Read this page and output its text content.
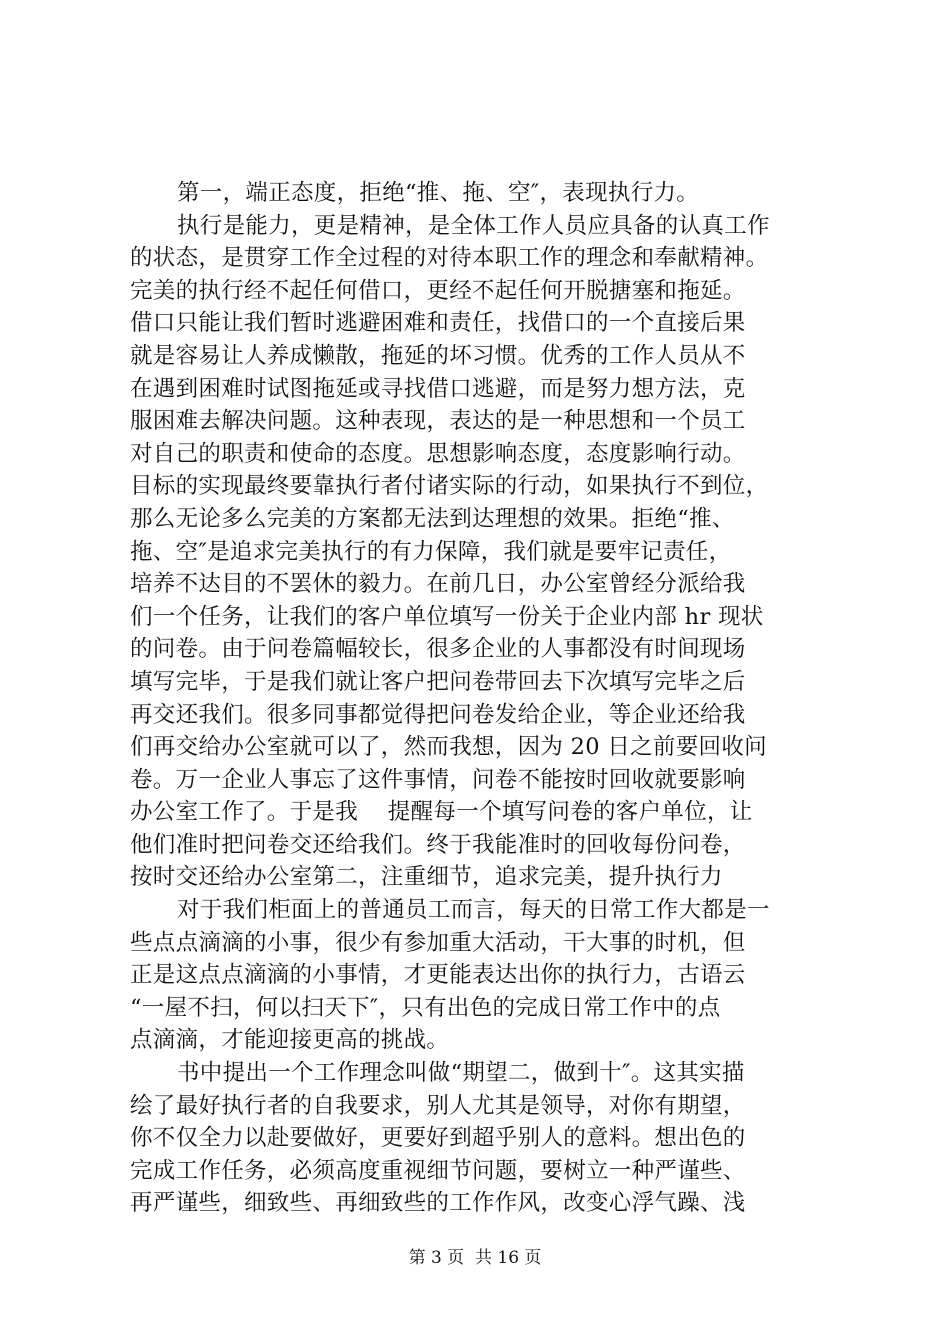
第一，端正态度，拒绝“推、拖、空″，表现执行力。
执行是能力，更是精神，是全体工作人员应具备的认真工作
的状态，是贯穿工作全过程的对待本职工作的理念和奉献精神。
完美的执行经不起任何借口，更经不起任何开脱搪塞和拖延。
借口只能让我们暂时逃避困难和责任，找借口的一个直接后果
就是容易让人养成懒散，拖延的坏习惯。优秀的工作人员从不
在遇到困难时试图拖延或寻找借口逃避，而是努力想方法，克
服困难去解决问题。这种表现，表达的是一种思想和一个员工
对自己的职责和使命的态度。思想影响态度，态度影响行动。
目标的实现最终要靠执行者付诸实际的行动，如果执行不到位，
那么无论多么完美的方案都无法到达理想的效果。拒绝“推、
拖、空″是追求完美执行的有力保障，我们就是要牢记责任，
培养不达目的不罢休的毅力。在前几日，办公室曾经分派给我
们一个任务，让我们的客户单位填写一份关于企业内部 hr 现状
的问卷。由于问卷篇幅较长，很多企业的人事都没有时间现场
填写完毕，于是我们就让客户把问卷带回去下次填写完毕之后
再交还我们。很多同事都觉得把问卷发给企业，等企业还给我
们再交给办公室就可以了，然而我想，因为 20 日之前要回收问
卷。万一企业人事忘了这件事情，问卷不能按时回收就要影响
办公室工作了。于是我    提醒每一个填写问卷的客户单位，让
他们准时把问卷交还给我们。终于我能准时的回收每份问卷，
按时交还给办公室第二，注重细节，追求完美，提升执行力
对于我们柜面上的普通员工而言，每天的日常工作大都是一
些点点滴滴的小事，很少有参加重大活动，干大事的时机，但
正是这点点滴滴的小事情，才更能表达出你的执行力，古语云
“一屋不扫，何以扫天下″，只有出色的完成日常工作中的点
点滴滴，才能迎接更高的挑战。
书中提出一个工作理念叫做“期望二，做到十″。这其实描
绘了最好执行者的自我要求，别人尤其是领导，对你有期望，
你不仅全力以赴要做好，更要好到超乎别人的意料。想出色的
完成工作任务，必须高度重视细节问题，要树立一种严谨些、
再严谨些，细致些、再细致些的工作作风，改变心浮气躁、浅
第 3 页  共 16 页
